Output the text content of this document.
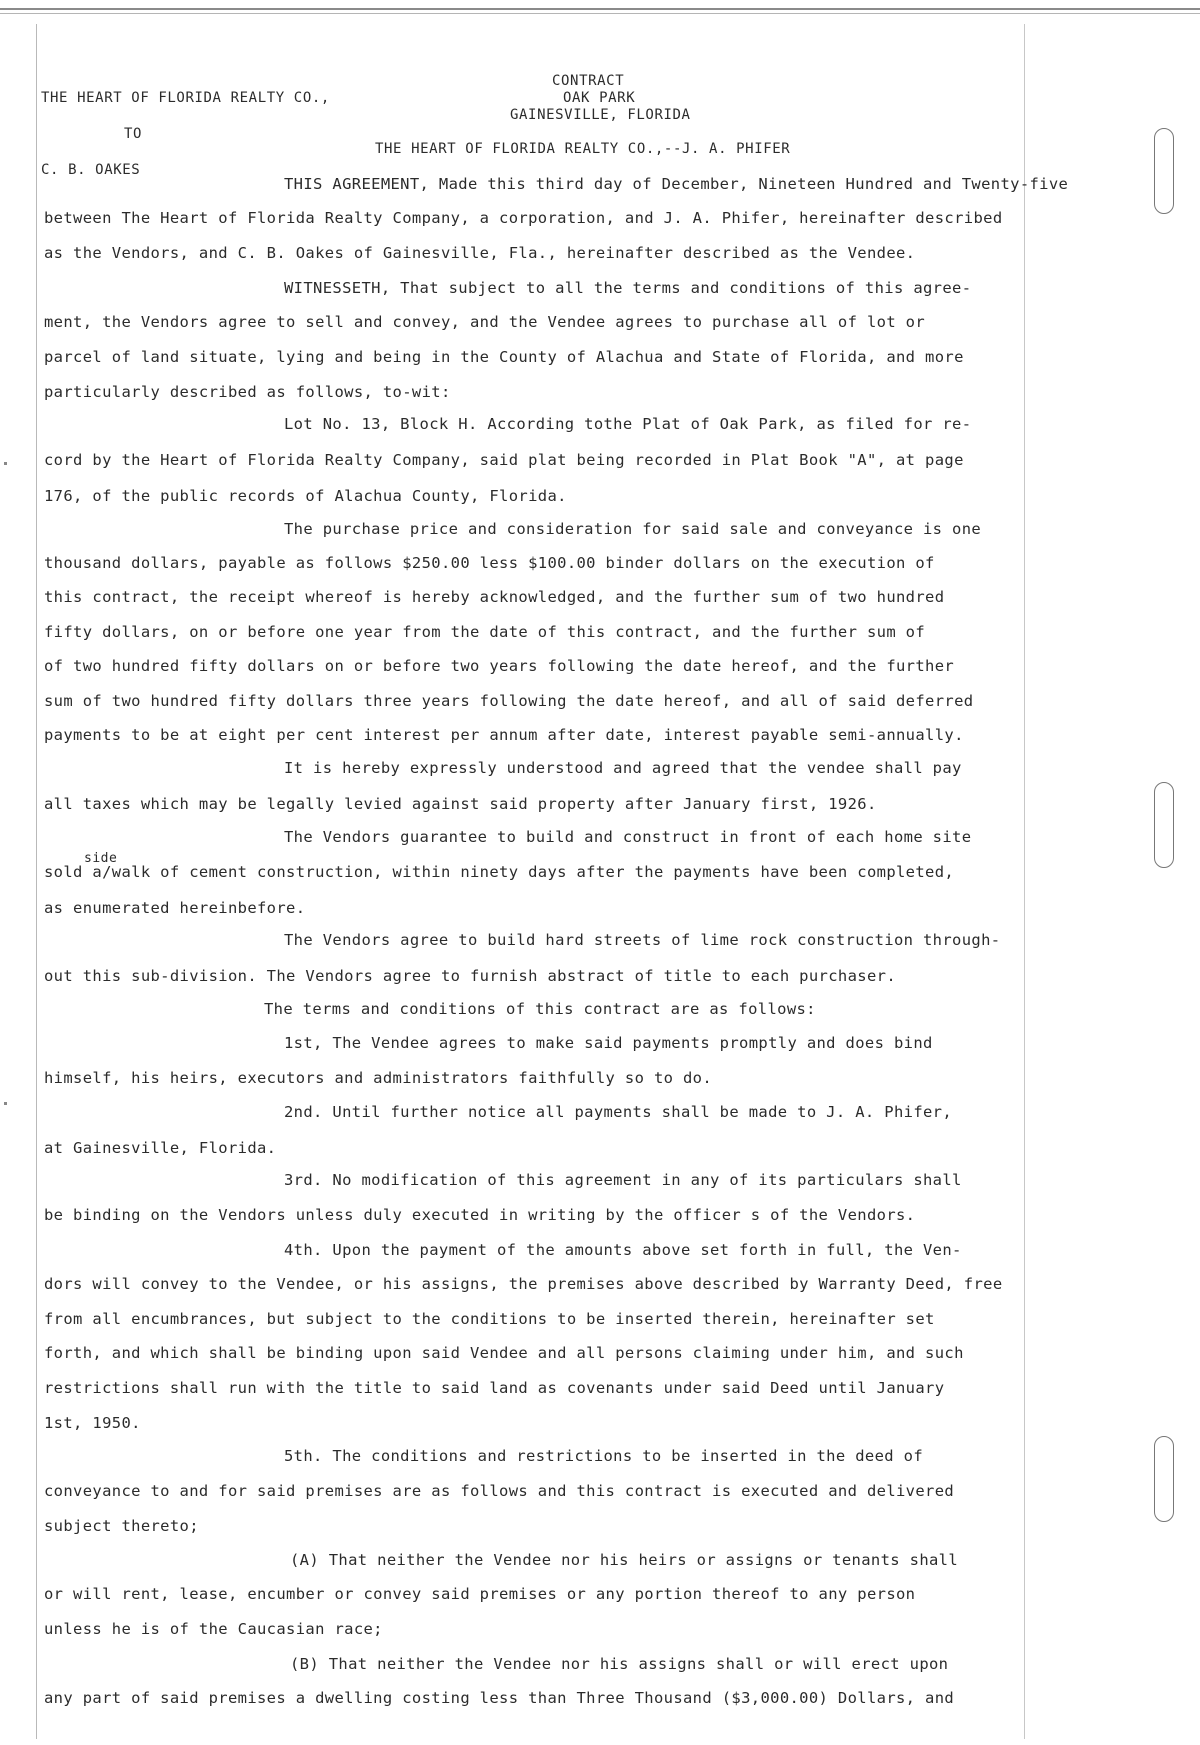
THE HEART OF FLORIDA REALTY CO.,
TO
C. B. OAKES
CONTRACT
OAK PARK
GAINESVILLE, FLORIDA
THE HEART OF FLORIDA REALTY CO.,--J. A. PHIFER
side
THIS AGREEMENT, Made this third day of December, Nineteen Hundred and Twenty-five
between The Heart of Florida Realty Company, a corporation, and J. A. Phifer, hereinafter described
as the Vendors, and C. B. Oakes of Gainesville, Fla., hereinafter described as the Vendee.
WITNESSETH, That subject to all the terms and conditions of this agree-
ment, the Vendors agree to sell and convey, and the Vendee agrees to purchase all of lot or
parcel of land situate, lying and being in the County of Alachua and State of Florida, and more
particularly described as follows, to-wit:
Lot No. 13, Block H. According tothe Plat of Oak Park, as filed for re-
cord by the Heart of Florida Realty Company, said plat being recorded in Plat Book "A", at page
176, of the public records of Alachua County, Florida.
The purchase price and consideration for said sale and conveyance is one
thousand dollars, payable as follows $250.00 less $100.00 binder dollars on the execution of
this contract, the receipt whereof is hereby acknowledged, and the further sum of two hundred
fifty dollars, on or before one year from the date of this contract, and the further sum of
of two hundred fifty dollars on or before two years following the date hereof, and the further
sum of two hundred fifty dollars three years following the date hereof, and all of said deferred
payments to be at eight per cent interest per annum after date, interest payable semi-annually.
It is hereby expressly understood and agreed that the vendee shall pay
all taxes which may be legally levied against said property after January first, 1926.
The Vendors guarantee to build and construct in front of each home site
sold a/walk of cement construction, within ninety days after the payments have been completed,
as enumerated hereinbefore.
The Vendors agree to build hard streets of lime rock construction through-
out this sub-division. The Vendors agree to furnish abstract of title to each purchaser.
The terms and conditions of this contract are as follows:
1st, The Vendee agrees to make said payments promptly and does bind
himself, his heirs, executors and administrators faithfully so to do.
2nd. Until further notice all payments shall be made to J. A. Phifer,
at Gainesville, Florida.
3rd. No modification of this agreement in any of its particulars shall
be binding on the Vendors unless duly executed in writing by the officer s of the Vendors.
4th. Upon the payment of the amounts above set forth in full, the Ven-
dors will convey to the Vendee, or his assigns, the premises above described by Warranty Deed, free
from all encumbrances, but subject to the conditions to be inserted therein, hereinafter set
forth, and which shall be binding upon said Vendee and all persons claiming under him, and such
restrictions shall run with the title to said land as covenants under said Deed until January
1st, 1950.
5th. The conditions and restrictions to be inserted in the deed of
conveyance to and for said premises are as follows and this contract is executed and delivered
subject thereto;
(A) That neither the Vendee nor his heirs or assigns or tenants shall
or will rent, lease, encumber or convey said premises or any portion thereof to any person
unless he is of the Caucasian race;
(B) That neither the Vendee nor his assigns shall or will erect upon
any part of said premises a dwelling costing less than Three Thousand ($3,000.00) Dollars, and
